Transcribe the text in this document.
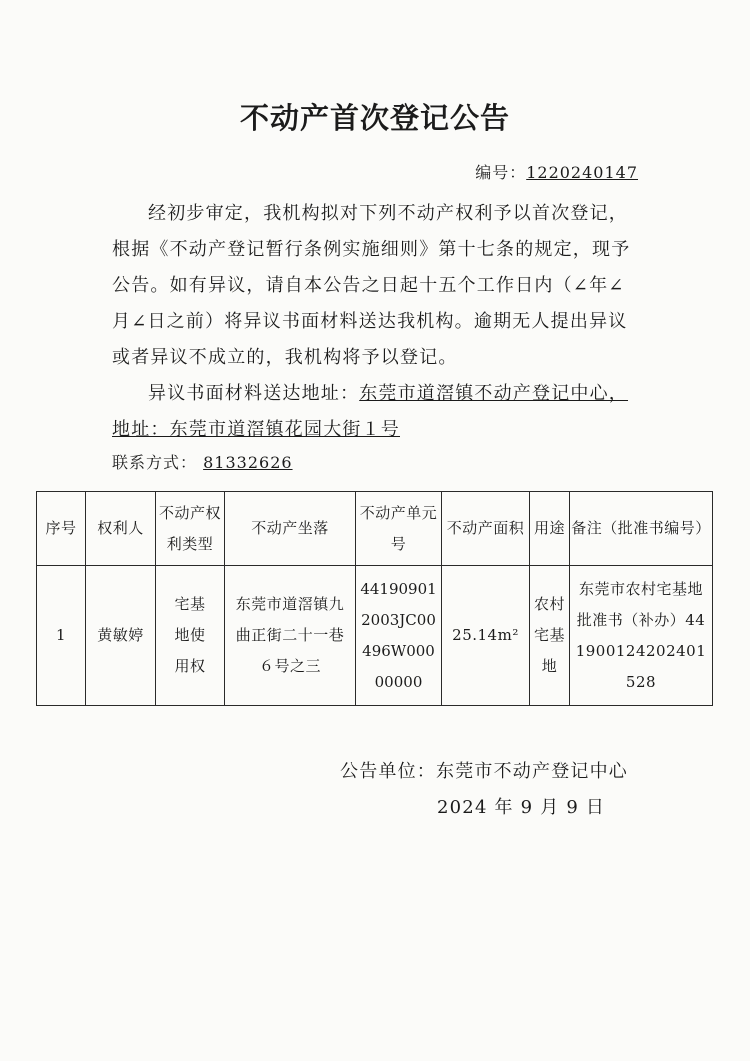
不动产首次登记公告
编号：1220240147

经初步审定，我机构拟对下列不动产权利予以首次登记，根据《不动产登记暂行条例实施细则》第十七条的规定，现予公告。如有异议，请自本公告之日起十五个工作日内（∠年∠月∠日之前）将异议书面材料送达我机构。逾期无人提出异议或者异议不成立的，我机构将予以登记。

异议书面材料送达地址：东莞市道滘镇不动产登记中心，地址：东莞市道滘镇花园大街１号

联系方式： 81332626
序号	权利人	不动产权利类型	不动产坐落	不动产单元号	不动产面积	用途	备注（批准书编号）
1	黄敏婷	宅基地使用权	东莞市道滘镇九曲正街二十一巷６号之三	441909012003JC00496W00000000	25.14m²	农村宅基地	东莞市农村宅基地批准书（补办）441900124202401528
公告单位：东莞市不动产登记中心
2024 年 9 月 9 日
